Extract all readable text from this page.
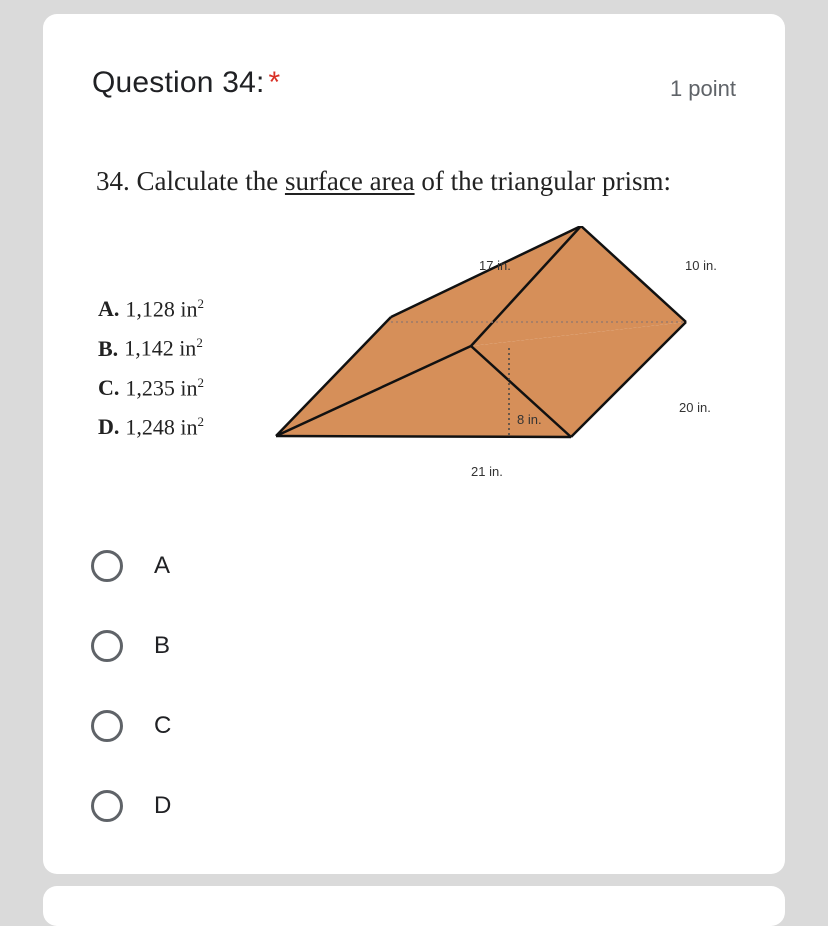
Question 34: *	1 point
34. Calculate the surface area of the triangular prism:
A. 1,128 $in^2$
B. 1,142 $in^2$
C. 1,235 $in^2$
D. 1,248 $in^2$
17 in.	10 in.
8 in.
20 in.
21 in.
A
B
C
D
